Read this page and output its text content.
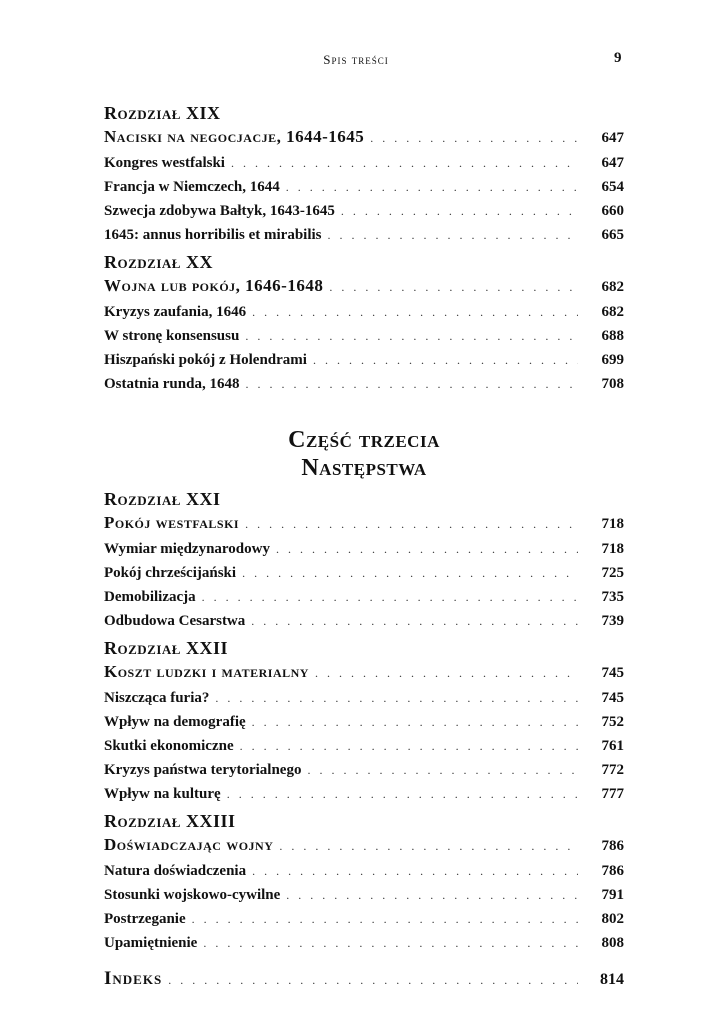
Spis treści	9
Rozdział XIX
Naciski na negocjacje, 1644-1645 . . .	647
Kongres westfalski . . .	647
Francja w Niemczech, 1644 . . .	654
Szwecja zdobywa Bałtyk, 1643-1645 . . .	660
1645: annus horribilis et mirabilis . . .	665
Rozdział XX
Wojna lub pokój, 1646-1648 . . .	682
Kryzys zaufania, 1646 . . .	682
W stronę konsensusu . . .	688
Hiszpański pokój z Holendrami . . .	699
Ostatnia runda, 1648 . . .	708
Część trzecia
Następstwa
Rozdział XXI
Pokój westfalski . . .	718
Wymiar międzynarodowy . . .	718
Pokój chrześcijański . . .	725
Demobilizacja . . .	735
Odbudowa Cesarstwa . . .	739
Rozdział XXII
Koszt ludzki i materialny . . .	745
Niszcząca furia? . . .	745
Wpływ na demografię . . .	752
Skutki ekonomiczne . . .	761
Kryzys państwa terytorialnego . . .	772
Wpływ na kulturę . . .	777
Rozdział XXIII
Doświadczając wojny . . .	786
Natura doświadczenia . . .	786
Stosunki wojskowo-cywilne . . .	791
Postrzeganie . . .	802
Upamiętnienie . . .	808
Indeks . . .	814
